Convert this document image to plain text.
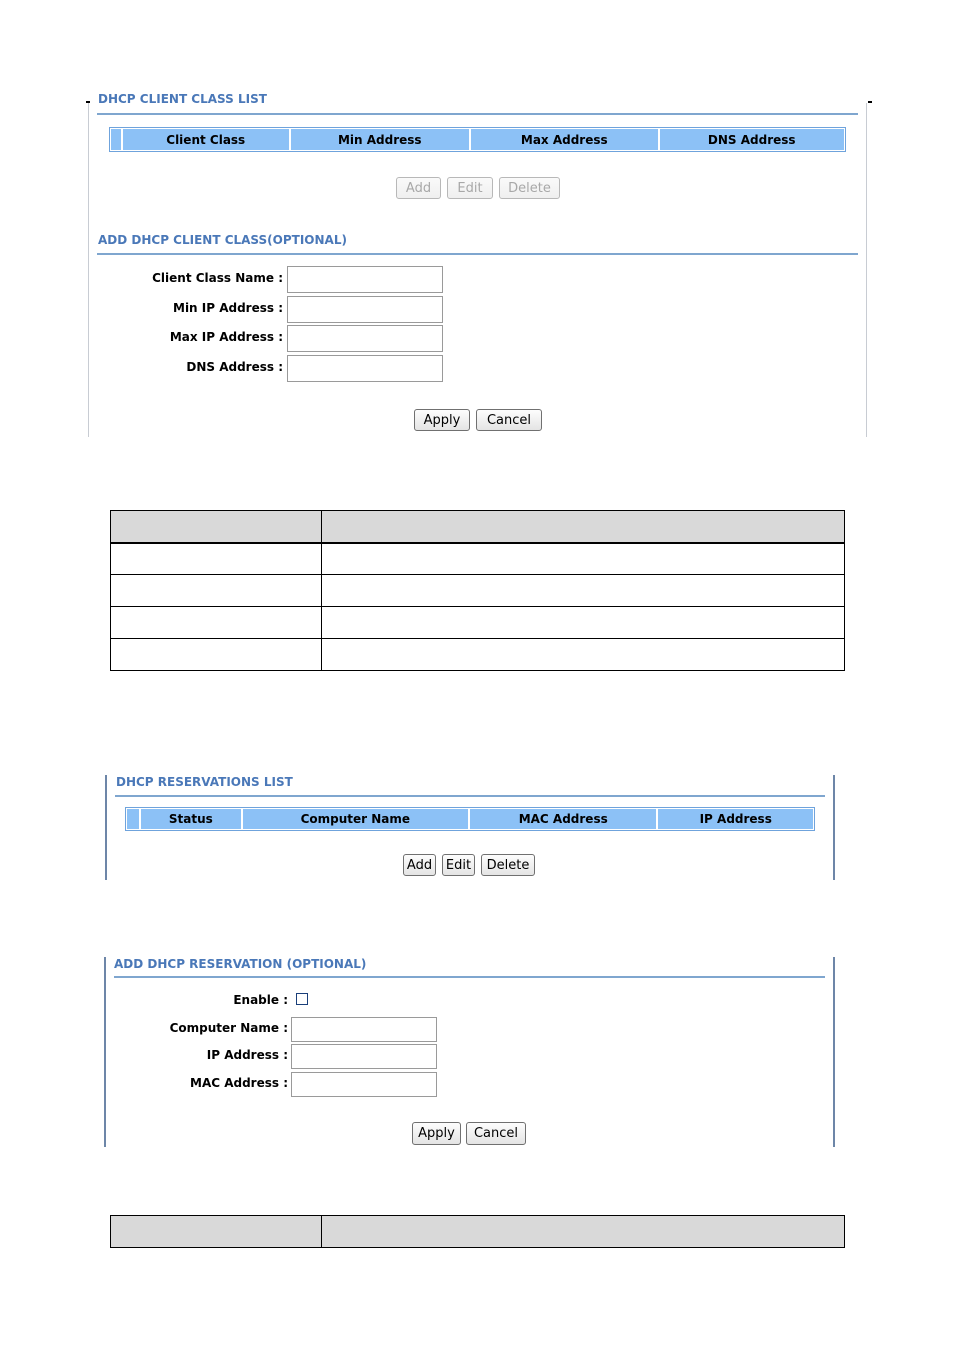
DHCP CLIENT CLASS LIST
Client Class	Min Address	Max Address	DNS Address
Add	Edit	Delete
ADD DHCP CLIENT CLASS(OPTIONAL)
Client Class Name :
Min IP Address :
Max IP Address :
DNS Address :
Apply	Cancel

DHCP RESERVATIONS LIST
Status	Computer Name	MAC Address	IP Address
Add	Edit	Delete
ADD DHCP RESERVATION (OPTIONAL)
Enable :
Computer Name :
IP Address :
MAC Address :
Apply	Cancel
